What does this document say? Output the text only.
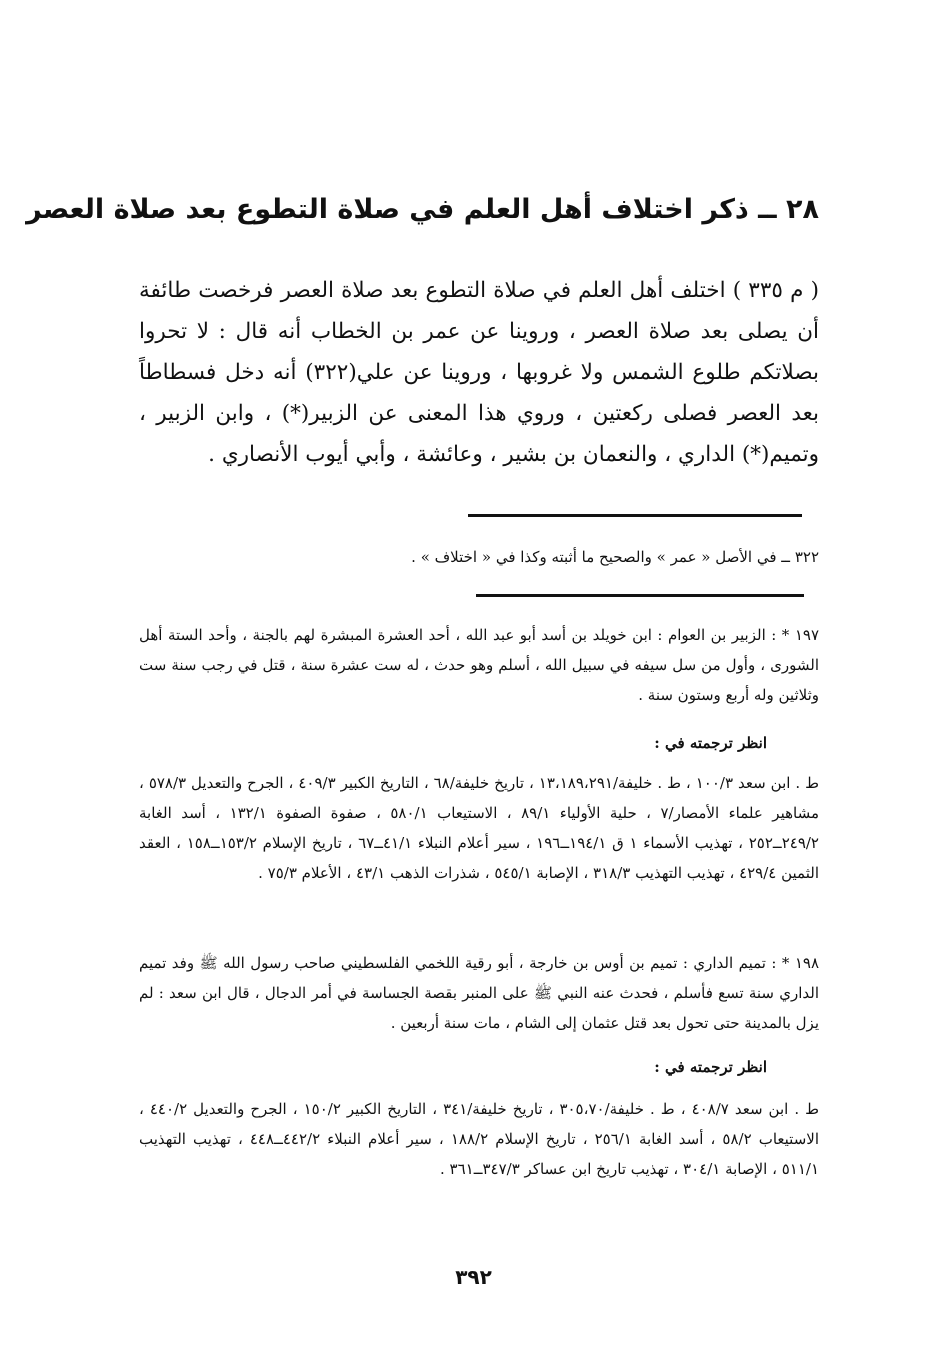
٢٨ ــ ذكر اختلاف أهل العلم في صلاة التطوع بعد صلاة العصر

( م ٣٣٥ ) اختلف أهل العلم في صلاة التطوع بعد صلاة العصر فرخصت طائفة أن يصلى بعد صلاة العصر ، وروينا عن عمر بن الخطاب أنه قال : لا تحروا بصلاتكم طلوع الشمس ولا غروبها ، وروينا عن علي(٣٢٢) أنه دخل فسطاطاً بعد العصر فصلى ركعتين ، وروي هذا المعنى عن الزبير(*) ، وابن الزبير ، وتميم(*) الداري ، والنعمان بن بشير ، وعائشة ، وأبي أيوب الأنصاري .

٣٢٢ ــ في الأصل « عمر » والصحيح ما أثبته وكذا في « اختلاف » .

١٩٧ * : الزبير بن العوام : ابن خويلد بن أسد أبو عبد الله ، أحد العشرة المبشرة لهم بالجنة ، وأحد الستة أهل الشورى ، وأول من سل سيفه في سبيل الله ، أسلم وهو حدث ، له ست عشرة سنة ، قتل في رجب سنة ست وثلاثين وله أربع وستون سنة .

انظر ترجمته في :

ط . ابن سعد ١٠٠/٣ ، ط . خليفة/١٣،١٨٩،٢٩١ ، تاريخ خليفة/٦٨ ، التاريخ الكبير ٤٠٩/٣ ، الجرح والتعديل ٥٧٨/٣ ، مشاهير علماء الأمصار/٧ ، حلية الأولياء ٨٩/١ ، الاستيعاب ٥٨٠/١ ، صفوة الصفوة ١٣٢/١ ، أسد الغابة ٢٤٩/٢ــ٢٥٢ ، تهذيب الأسماء ١ ق ١٩٤/١ــ١٩٦ ، سير أعلام النبلاء ٤١/١ــ٦٧ ، تاريخ الإسلام ١٥٣/٢ــ١٥٨ ، العقد الثمين ٤٢٩/٤ ، تهذيب التهذيب ٣١٨/٣ ، الإصابة ٥٤٥/١ ، شذرات الذهب ٤٣/١ ، الأعلام ٧٥/٣ .

١٩٨ * : تميم الداري : تميم بن أوس بن خارجة ، أبو رقية اللخمي الفلسطيني صاحب رسول الله ﷺ وفد تميم الداري سنة تسع فأسلم ، فحدث عنه النبي ﷺ على المنبر بقصة الجساسة في أمر الدجال ، قال ابن سعد : لم يزل بالمدينة حتى تحول بعد قتل عثمان إلى الشام ، مات سنة أربعين .

انظر ترجمته في :

ط . ابن سعد ٤٠٨/٧ ، ط . خليفة/٣٠٥،٧٠ ، تاريخ خليفة/٣٤١ ، التاريخ الكبير ١٥٠/٢ ، الجرح والتعديل ٤٤٠/٢ ، الاستيعاب ٥٨/٢ ، أسد الغابة ٢٥٦/١ ، تاريخ الإسلام ١٨٨/٢ ، سير أعلام النبلاء ٤٤٢/٢ــ٤٤٨ ، تهذيب التهذيب ٥١١/١ ، الإصابة ٣٠٤/١ ، تهذيب تاريخ ابن عساكر ٣٤٧/٣ــ٣٦١ .

٣٩٢
